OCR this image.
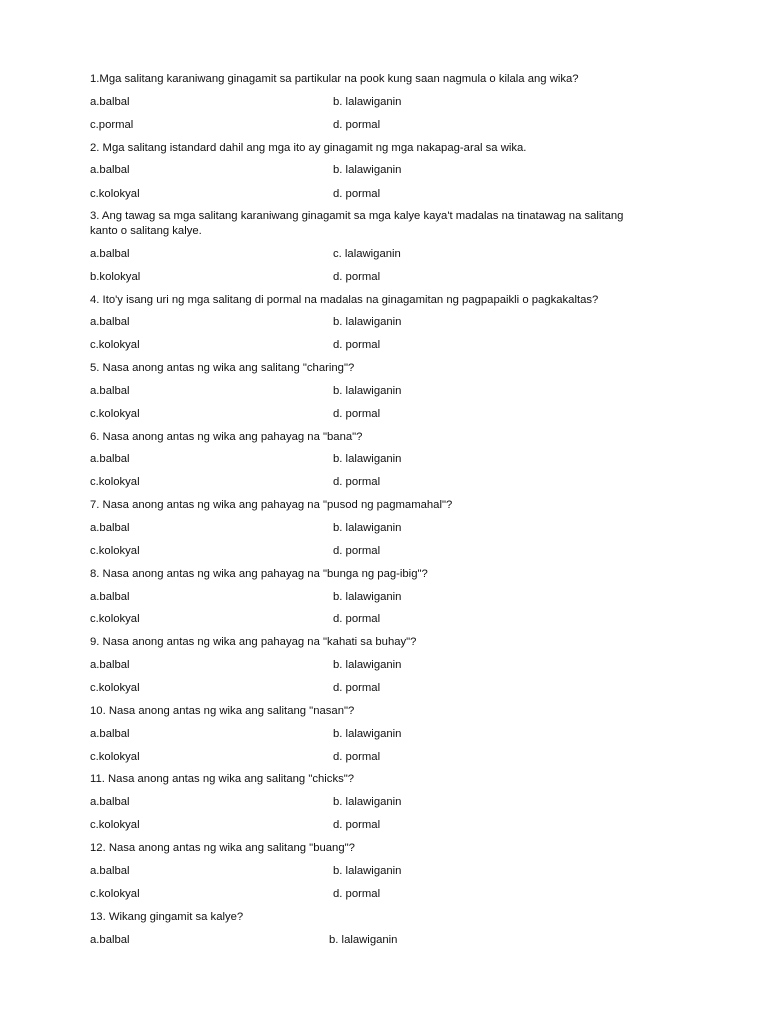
1.Mga salitang karaniwang ginagamit sa partikular na pook kung saan nagmula o kilala ang wika?
a.balbal	b. lalawiganin
c.pormal	d. pormal
2. Mga salitang istandard dahil ang mga ito ay ginagamit ng mga nakapag-aral sa wika.
a.balbal	b. lalawiganin
c.kolokyal	d. pormal
3. Ang tawag sa mga salitang karaniwang ginagamit sa mga kalye kaya't madalas na tinatawag na salitang kanto o salitang kalye.
a.balbal	c. lalawiganin
b.kolokyal	d. pormal
4. Ito'y isang uri ng mga salitang di pormal na madalas na ginagamitan ng pagpapaikli o pagkakaltas?
a.balbal	b. lalawiganin
c.kolokyal	d. pormal
5. Nasa anong antas ng wika ang salitang "charing"?
a.balbal	b. lalawiganin
c.kolokyal	d. pormal
6. Nasa anong antas ng wika ang pahayag na "bana"?
a.balbal	b. lalawiganin
c.kolokyal	d. pormal
7. Nasa anong antas ng wika ang pahayag na "pusod ng pagmamahal"?
a.balbal	b. lalawiganin
c.kolokyal	d. pormal
8. Nasa anong antas ng wika ang pahayag na "bunga ng pag-ibig"?
a.balbal	b. lalawiganin
c.kolokyal	d. pormal
9. Nasa anong antas ng wika ang pahayag na "kahati sa buhay"?
a.balbal	b. lalawiganin
c.kolokyal	d. pormal
10. Nasa anong antas ng wika ang salitang "nasan"?
a.balbal	b. lalawiganin
c.kolokyal	d. pormal
11. Nasa anong antas ng wika ang salitang "chicks"?
a.balbal	b. lalawiganin
c.kolokyal	d. pormal
12. Nasa anong antas ng wika ang salitang "buang"?
a.balbal	b. lalawiganin
c.kolokyal	d. pormal
13. Wikang gingamit sa kalye?
a.balbal	b. lalawiganin
